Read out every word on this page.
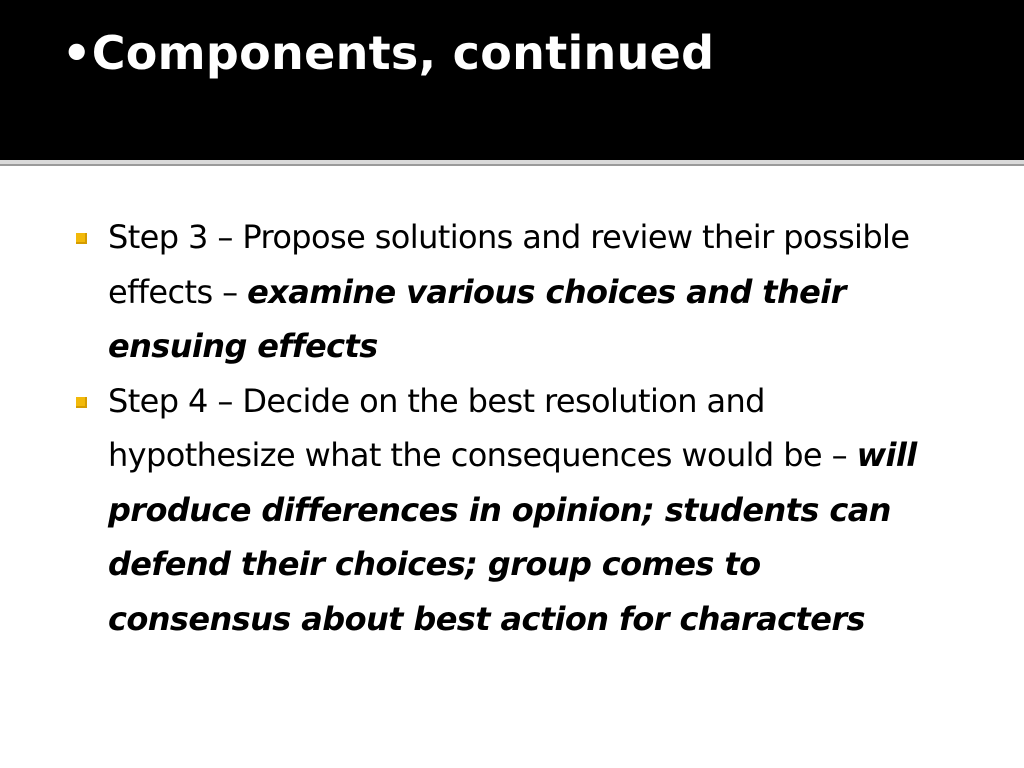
•Components, continued
Step 3 – Propose solutions and review their possible effects – examine various choices and their ensuing effects
Step 4 – Decide on the best resolution and hypothesize what the consequences would be – will produce differences in opinion; students can defend their choices; group comes to consensus about best action for characters
